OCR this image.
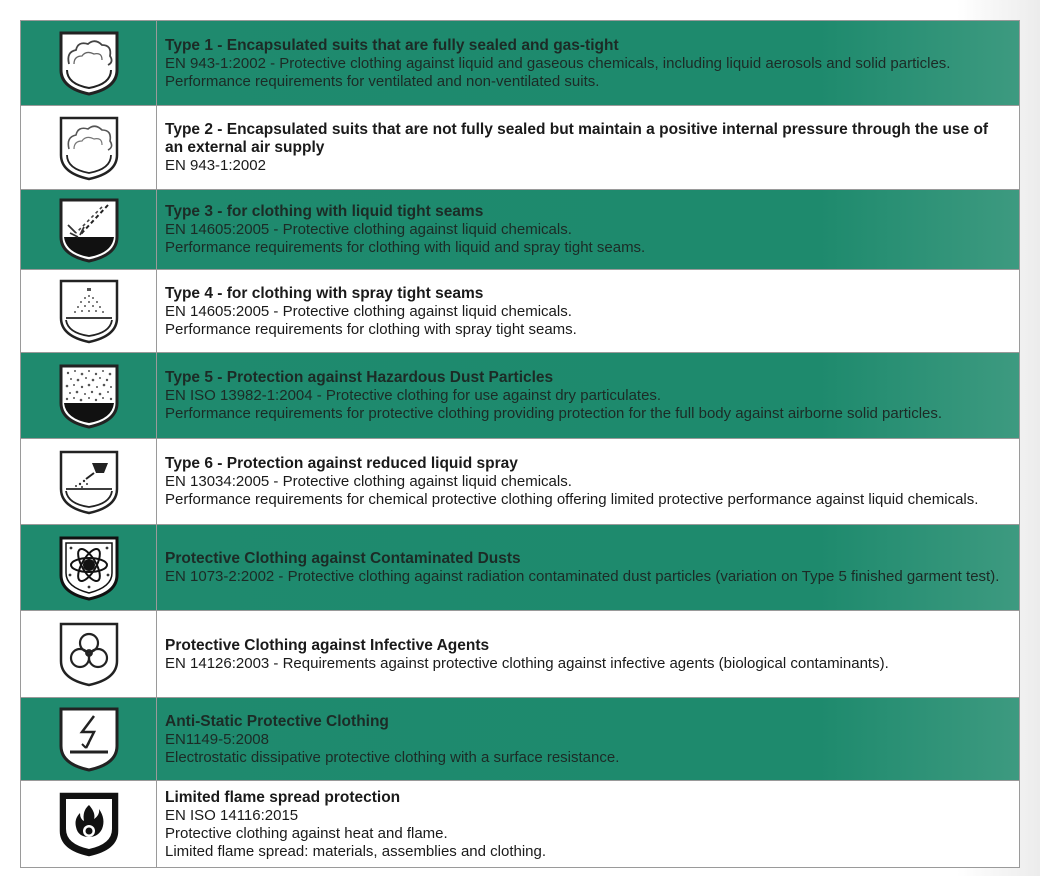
Type 1 - Encapsulated suits that are fully sealed and gas-tight
EN 943-1:2002 - Protective clothing against liquid and gaseous chemicals, including liquid aerosols and solid particles.
Performance requirements for ventilated and non-ventilated suits.
Type 2 - Encapsulated suits that are not fully sealed but maintain a positive internal pressure through the use of an external air supply
EN 943-1:2002
Type 3 - for clothing with liquid tight seams
EN 14605:2005 - Protective clothing against liquid chemicals.
Performance requirements for clothing with liquid and spray tight seams.
Type 4 - for clothing with spray tight seams
EN 14605:2005 - Protective clothing against liquid chemicals.
Performance requirements for clothing with spray tight seams.
Type 5 - Protection against Hazardous Dust Particles
EN ISO 13982-1:2004 - Protective clothing for use against dry particulates.
Performance requirements for protective clothing providing protection for the full body against airborne solid particles.
Type 6 - Protection against reduced liquid spray
EN 13034:2005 - Protective clothing against liquid chemicals.
Performance requirements for chemical protective clothing offering limited protective performance against liquid chemicals.
Protective Clothing against Contaminated Dusts
EN 1073-2:2002 - Protective clothing against radiation contaminated dust particles (variation on Type 5 finished garment test).
Protective Clothing against Infective Agents
EN 14126:2003 - Requirements against protective clothing against infective agents (biological contaminants).
Anti-Static Protective Clothing
EN1149-5:2008
Electrostatic dissipative protective clothing with a surface resistance.
Limited flame spread protection
EN ISO 14116:2015
Protective clothing against heat and flame.
Limited flame spread: materials, assemblies and clothing.
